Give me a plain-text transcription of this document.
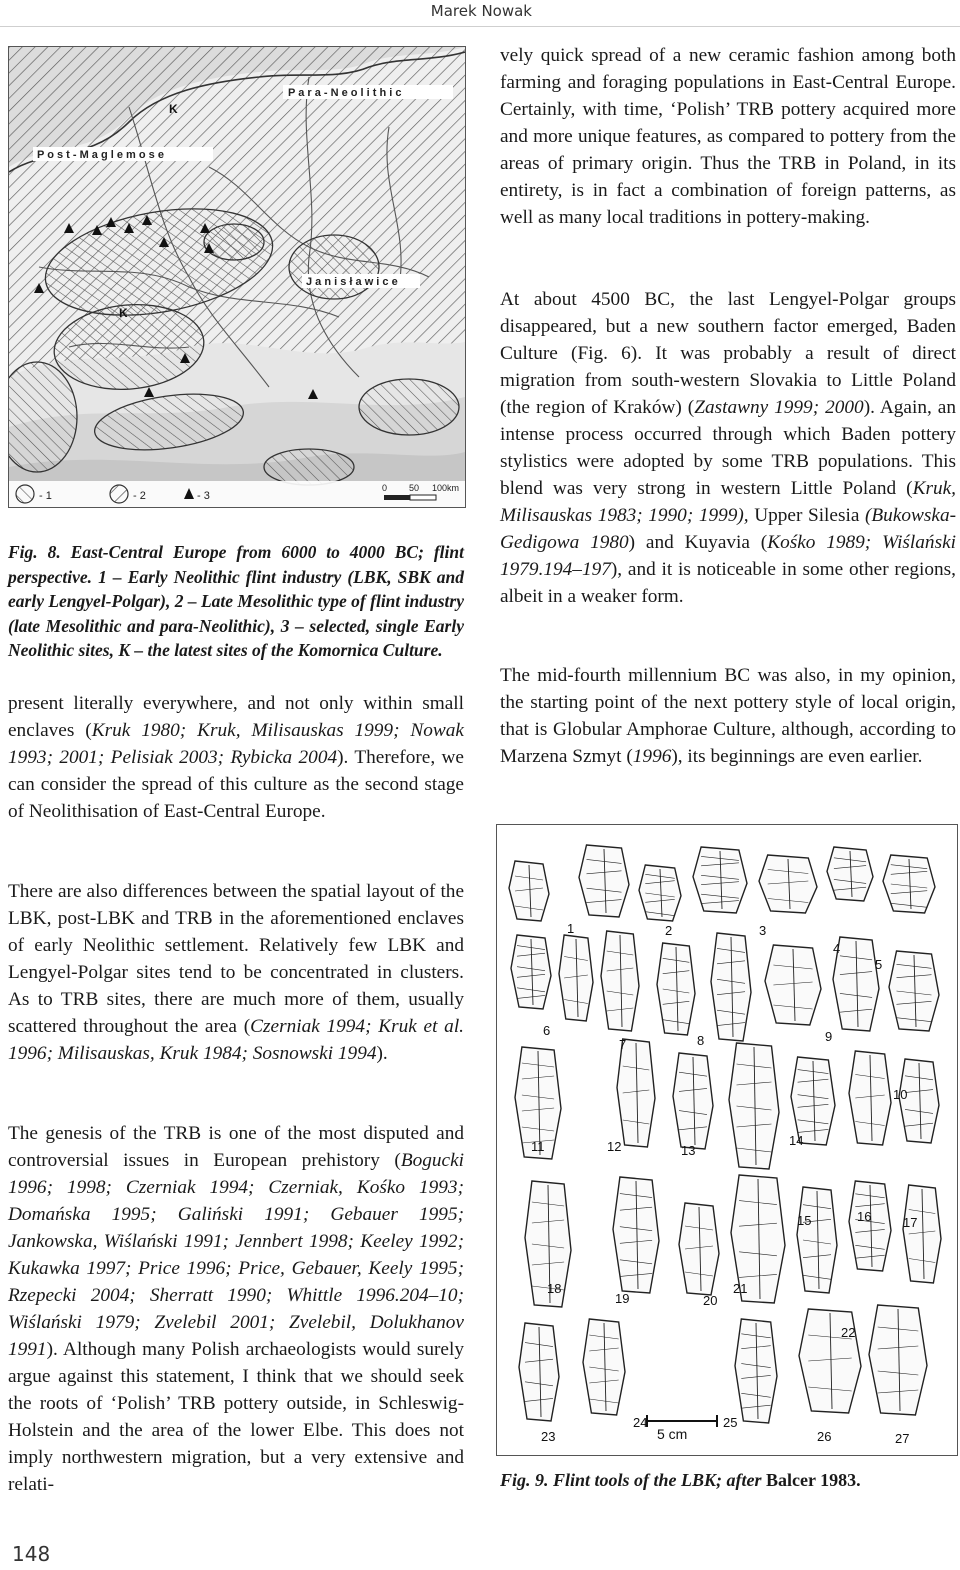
Marek Nowak
P a r a - N e o l i t h i c
P o s t - M a g l e m o s e
J a n i s ł a w i c e
K
K
- 1	- 2	- 3
0 50 100km

Fig. 8. East-Central Europe from 6000 to 4000 BC; flint perspective. 1 – Early Neolithic flint industry (LBK, SBK and early Lengyel-Polgar), 2 – Late Mesolithic type of flint industry (late Mesolithic and para-Neolithic), 3 – selected, single Early Neolithic sites, K – the latest sites of the Komornica Culture.

present literally everywhere, and not only within small enclaves (Kruk 1980; Kruk, Milisauskas 1999; Nowak 1993; 2001; Pelisiak 2003; Rybicka 2004). Therefore, we can consider the spread of this culture as the second stage of Neolithisation of East-Central Europe.

There are also differences between the spatial layout of the LBK, post-LBK and TRB in the aforementioned enclaves of early Neolithic settlement. Relatively few LBK and Lengyel-Polgar sites tend to be concentrated in clusters. As to TRB sites, there are much more of them, usually scattered throughout the area (Czerniak 1994; Kruk et al. 1996; Milisauskas, Kruk 1984; Sosnowski 1994).

The genesis of the TRB is one of the most disputed and controversial issues in European prehistory (Bogucki 1996; 1998; Czerniak 1994; Czerniak, Kośko 1993; Domańska 1995; Galiński 1991; Gebauer 1995; Jankowska, Wiślański 1991; Jennbert 1998; Keeley 1992; Kukawka 1997; Price 1996; Price, Gebauer, Keely 1995; Rzepecki 2004; Sherratt 1990; Whittle 1996.204–10; Wiślański 1979; Zvelebil 2001; Zvelebil, Dolukhanov 1991). Although many Polish archaeologists would surely argue against this statement, I think that we should seek the roots of ‘Polish’ TRB pottery outside, in Schleswig-Holstein and the area of the lower Elbe. This does not imply northwestern migration, but a very extensive and relati-

vely quick spread of a new ceramic fashion among both farming and foraging populations in East-Central Europe. Certainly, with time, ‘Polish’ TRB pottery acquired more and more unique features, as compared to pottery from the areas of primary origin. Thus the TRB in Poland, in its entirety, is in fact a combination of foreign patterns, as well as many local traditions in pottery-making.

At about 4500 BC, the last Lengyel-Polgar groups disappeared, but a new southern factor emerged, Baden Culture (Fig. 6). It was probably a result of direct migration from south-western Slovakia to Little Poland (the region of Kraków) (Zastawny 1999; 2000). Again, an intense process occurred through which Baden pottery stylistics were adopted by some TRB populations. This blend was very strong in western Little Poland (Kruk, Milisauskas 1983; 1990; 1999), Upper Silesia (Bukowska-Gedigowa 1980) and Kuyavia (Kośko 1989; Wiślański 1979.194–197), and it is noticeable in some other regions, albeit in a weaker form.

The mid-fourth millennium BC was also, in my opinion, the starting point of the next pottery style of local origin, that is Globular Amphorae Culture, although, according to Marzena Szmyt (1996), its beginnings are even earlier.

1	2	3
4
5
6
7	8	9
10
11	12	13
14
15	16 17
18
19	20
21
22
23
24	25
26	27
5 cm

Fig. 9. Flint tools of the LBK; after Balcer 1983.

148
